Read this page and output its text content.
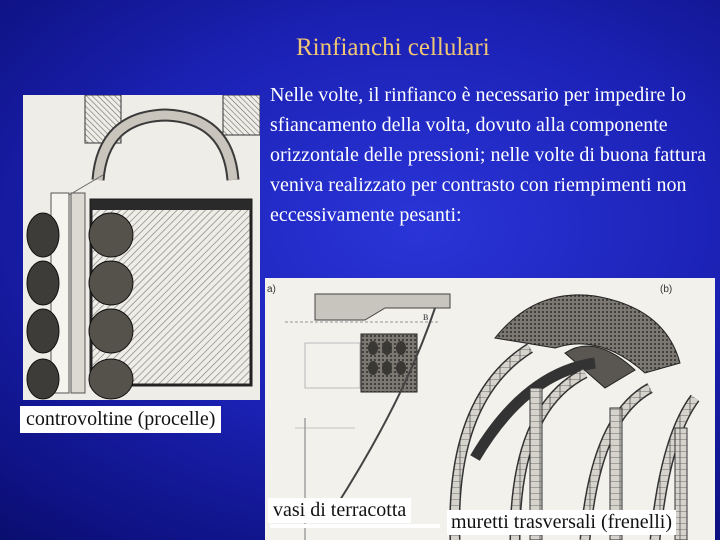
Rinfianchi cellulari
Nelle volte, il rinfianco è necessario per impedire lo sfiancamento della volta, dovuto alla componente orizzontale delle pressioni; nelle volte di buona fattura veniva realizzato per contrasto con riempimenti non eccessivamente pesanti:
a)
B
(b)
controvoltine (procelle)
vasi di terracotta
muretti trasversali (frenelli)
